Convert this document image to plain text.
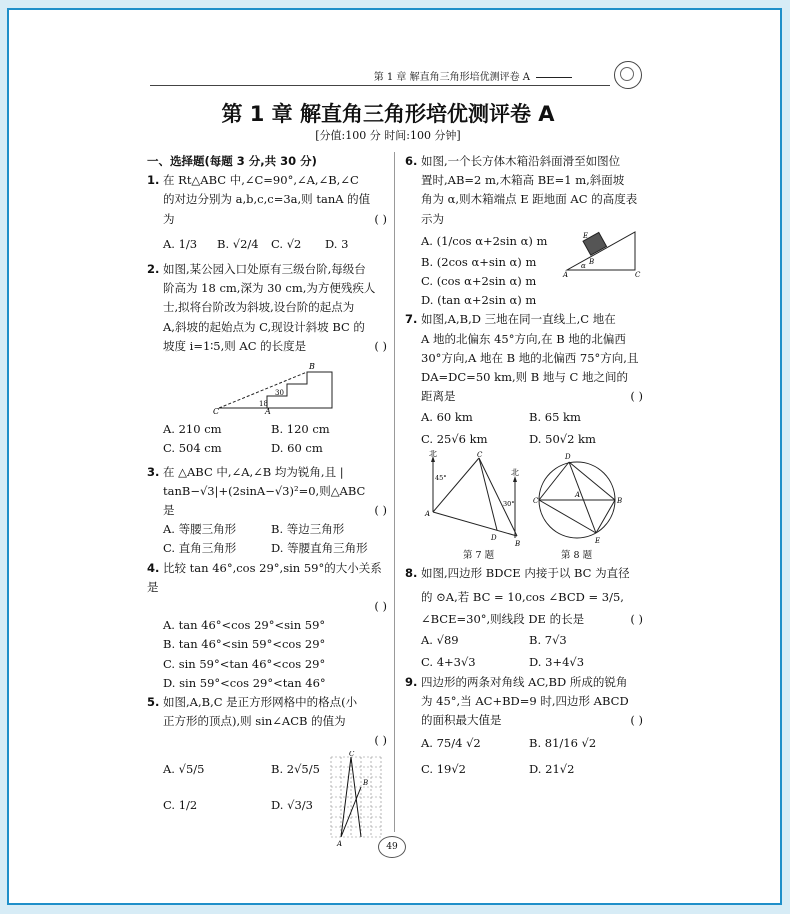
第 1 章 解直角三角形培优测评卷 A
第 1 章 解直角三角形培优测评卷 A
[分值:100 分 时间:100 分钟]
一、选择题(每题 3 分,共 30 分)
1. 在 Rt△ABC 中,∠C=90°,∠A,∠B,∠C
的对边分别为 a,b,c,c=3a,则 tanA 的值
为	( )
A. 1/3	B. √2/4	C. √2	D. 3
2. 如图,某公园入口处原有三级台阶,每级台
阶高为 18 cm,深为 30 cm,为方便残疾人
士,拟将台阶改为斜坡,设台阶的起点为
A,斜坡的起始点为 C,现设计斜坡 BC 的
坡度 i=1∶5,则 AC 的长度是	( )
B
C	A
30
18
A. 210 cm	B. 120 cm
C. 504 cm	D. 60 cm
3. 在 △ABC 中,∠A,∠B 均为锐角,且 |
tanB−√3|+(2sinA−√3)²=0,则△ABC
是	( )
A. 等腰三角形	B. 等边三角形
C. 直角三角形	D. 等腰直角三角形
4. 比较 tan 46°,cos 29°,sin 59°的大小关系是
( )

A. tan 46°<cos 29°<sin 59°
B. tan 46°<sin 59°<cos 29°
C. sin 59°<tan 46°<cos 29°
D. sin 59°<cos 29°<tan 46°
5. 如图,A,B,C 是正方形网格中的格点(小
正方形的顶点),则 sin∠ACB 的值为
( )

A. √5/5	B. 2√5/5
C. 1/2	D. √3/3
C
B
A
6. 如图,一个长方体木箱沿斜面滑至如图位
置时,AB=2 m,木箱高 BE=1 m,斜面坡
角为 α,则木箱端点 E 距地面 AC 的高度表
示为
A. (1/cos α+2sin α) m
B. (2cos α+sin α) m
C. (cos α+2sin α) m
D. (tan α+2sin α) m
E
B
A	C
α
7. 如图,A,B,D 三地在同一直线上,C 地在
A 地的北偏东 45°方向,在 B 地的北偏西
30°方向,A 地在 B 地的北偏西 75°方向,且
DA=DC=50 km,则 B 地与 C 地之间的
距离是	( )
A. 60 km	B. 65 km
C. 25√6 km	D. 50√2 km
北
北
45°
30°
A
C
D
B
C	B
D
E
A
第 7 题	第 8 题
8. 如图,四边形 BDCE 内接于以 BC 为直径
的 ⊙A,若 BC = 10,cos ∠BCD = 3/5,
∠BCE=30°,则线段 DE 的长是	( )
A. √89	B. 7√3
C. 4+3√3	D. 3+4√3
9. 四边形的两条对角线 AC,BD 所成的锐角
为 45°,当 AC+BD=9 时,四边形 ABCD
的面积最大值是	( )
A. 75/4 √2	B. 81/16 √2
C. 19√2	D. 21√2
49
